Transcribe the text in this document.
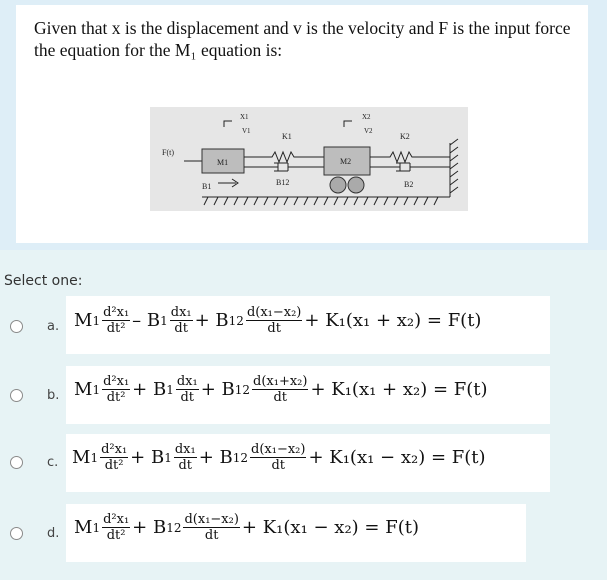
Given that x is the displacement and v is the velocity and F is the input force the equation for the M₁ equation is:
X1
V1
X2
V2
F(t)
M1
K1
B12
M2
K2
B2
B1
Select one:
a. M $1 \frac{\text{d²x₁}}{\text{dt²}}$ – B $1 \frac{\text{dx₁}}{dt} + B$ $12 \frac{\text{d(x₁−x₂)}}{dt} + K_1(x_1 + x_2) = F(t)$
b. M $1 \frac{\text{d²x₁}}{\text{dt²}} + B$ $1 \frac{\text{dx₁}}{dt} + B$ $12 \frac{\text{d(x₁+x₂)}}{dt} + K_1(x_1 + x_2) = F(t)$
c. M $1 \frac{\text{d²x₁}}{\text{dt²}} + B$ $1 \frac{\text{dx₁}}{dt} + B$ $12 \frac{\text{d(x₁−x₂)}}{dt} + K_1(x_1 - x_2) = F(t)$
d. M $1 \frac{\text{d²x₁}}{\text{dt²}} + B$ $12 \frac{\text{d(x₁−x₂)}}{dt} + K_1(x_1 - x_2) = F(t)$
